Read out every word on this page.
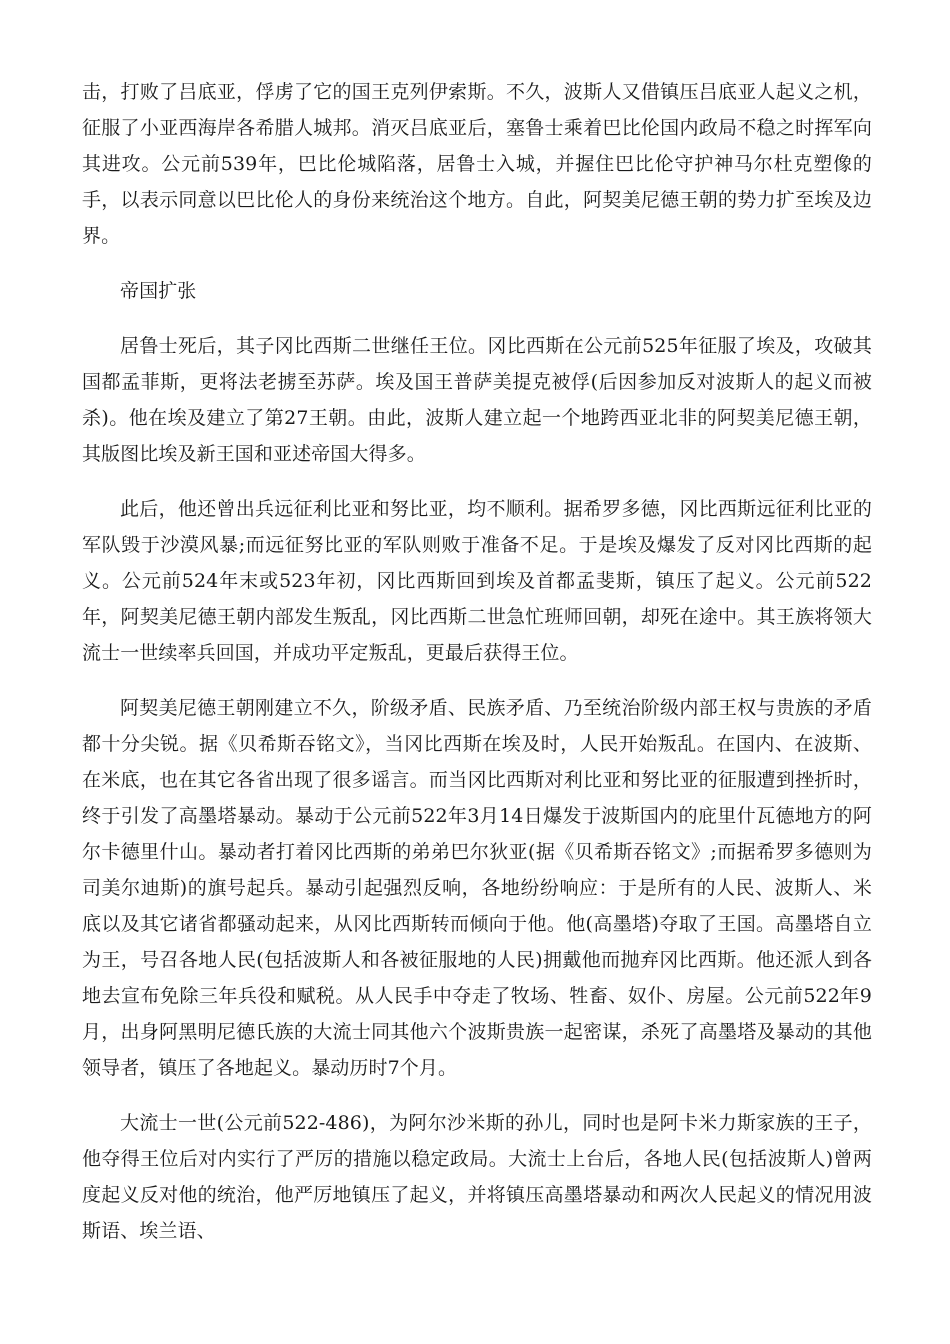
击，打败了吕底亚，俘虏了它的国王克列伊索斯。不久，波斯人又借镇压吕底亚人起义之机，征服了小亚西海岸各希腊人城邦。消灭吕底亚后，塞鲁士乘着巴比伦国内政局不稳之时挥军向其进攻。公元前539年，巴比伦城陷落，居鲁士入城，并握住巴比伦守护神马尔杜克塑像的手，以表示同意以巴比伦人的身份来统治这个地方。自此，阿契美尼德王朝的势力扩至埃及边界。

帝国扩张

居鲁士死后，其子冈比西斯二世继任王位。冈比西斯在公元前525年征服了埃及，攻破其国都孟菲斯，更将法老掳至苏萨。埃及国王普萨美提克被俘(后因参加反对波斯人的起义而被杀)。他在埃及建立了第27王朝。由此，波斯人建立起一个地跨西亚北非的阿契美尼德王朝，其版图比埃及新王国和亚述帝国大得多。

此后，他还曾出兵远征利比亚和努比亚，均不顺利。据希罗多德，冈比西斯远征利比亚的军队毁于沙漠风暴;而远征努比亚的军队则败于准备不足。于是埃及爆发了反对冈比西斯的起义。公元前524年末或523年初，冈比西斯回到埃及首都孟斐斯，镇压了起义。公元前522年，阿契美尼德王朝内部发生叛乱，冈比西斯二世急忙班师回朝，却死在途中。其王族将领大流士一世续率兵回国，并成功平定叛乱，更最后获得王位。

阿契美尼德王朝刚建立不久，阶级矛盾、民族矛盾、乃至统治阶级内部王权与贵族的矛盾都十分尖锐。据《贝希斯吞铭文》，当冈比西斯在埃及时，人民开始叛乱。在国内、在波斯、在米底，也在其它各省出现了很多谣言。而当冈比西斯对利比亚和努比亚的征服遭到挫折时，终于引发了高墨塔暴动。暴动于公元前522年3月14日爆发于波斯国内的庇里什瓦德地方的阿尔卡德里什山。暴动者打着冈比西斯的弟弟巴尔狄亚(据《贝希斯吞铭文》;而据希罗多德则为司美尔迪斯)的旗号起兵。暴动引起强烈反响，各地纷纷响应：于是所有的人民、波斯人、米底以及其它诸省都骚动起来，从冈比西斯转而倾向于他。他(高墨塔)夺取了王国。高墨塔自立为王，号召各地人民(包括波斯人和各被征服地的人民)拥戴他而抛弃冈比西斯。他还派人到各地去宣布免除三年兵役和赋税。从人民手中夺走了牧场、牲畜、奴仆、房屋。公元前522年9月，出身阿黑明尼德氏族的大流士同其他六个波斯贵族一起密谋，杀死了高墨塔及暴动的其他领导者，镇压了各地起义。暴动历时7个月。

大流士一世(公元前522-486)，为阿尔沙米斯的孙儿，同时也是阿卡米力斯家族的王子，他夺得王位后对内实行了严厉的措施以稳定政局。大流士上台后，各地人民(包括波斯人)曾两度起义反对他的统治，他严厉地镇压了起义，并将镇压高墨塔暴动和两次人民起义的情况用波斯语、埃兰语、
